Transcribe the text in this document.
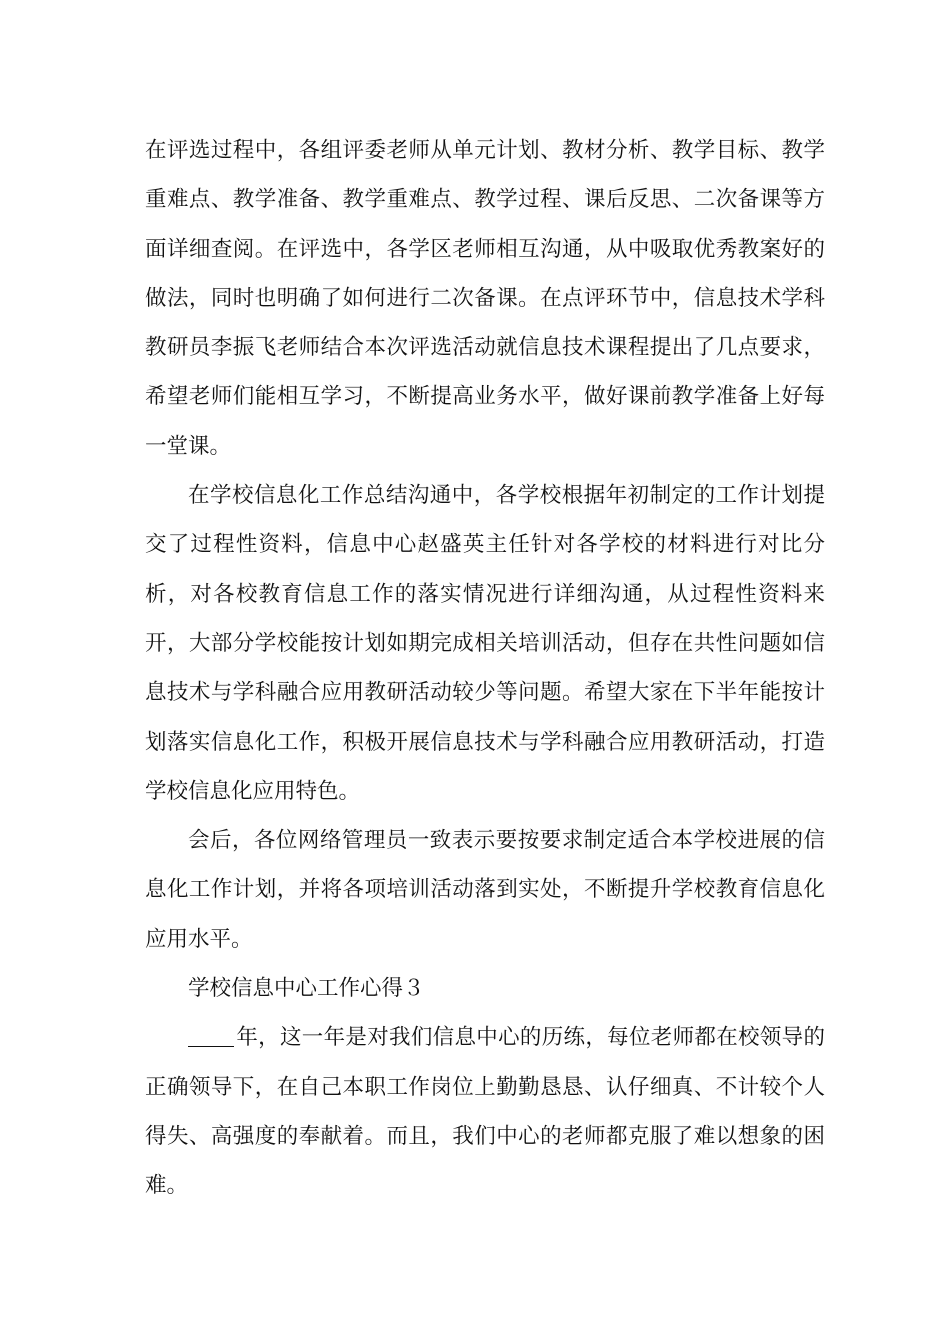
在评选过程中，各组评委老师从单元计划、教材分析、教学目标、教学重难点、教学准备、教学重难点、教学过程、课后反思、二次备课等方面详细查阅。在评选中，各学区老师相互沟通，从中吸取优秀教案好的做法，同时也明确了如何进行二次备课。在点评环节中，信息技术学科教研员李振飞老师结合本次评选活动就信息技术课程提出了几点要求，希望老师们能相互学习，不断提高业务水平，做好课前教学准备上好每一堂课。

在学校信息化工作总结沟通中，各学校根据年初制定的工作计划提交了过程性资料，信息中心赵盛英主任针对各学校的材料进行对比分析，对各校教育信息工作的落实情况进行详细沟通，从过程性资料来开，大部分学校能按计划如期完成相关培训活动，但存在共性问题如信息技术与学科融合应用教研活动较少等问题。希望大家在下半年能按计划落实信息化工作，积极开展信息技术与学科融合应用教研活动，打造学校信息化应用特色。

会后，各位网络管理员一致表示要按要求制定适合本学校进展的信息化工作计划，并将各项培训活动落到实处，不断提升学校教育信息化应用水平。

学校信息中心工作心得３

年，这一年是对我们信息中心的历练，每位老师都在校领导的正确领导下，在自己本职工作岗位上勤勤恳恳、认仔细真、不计较个人得失、高强度的奉献着。而且，我们中心的老师都克服了难以想象的困难。
